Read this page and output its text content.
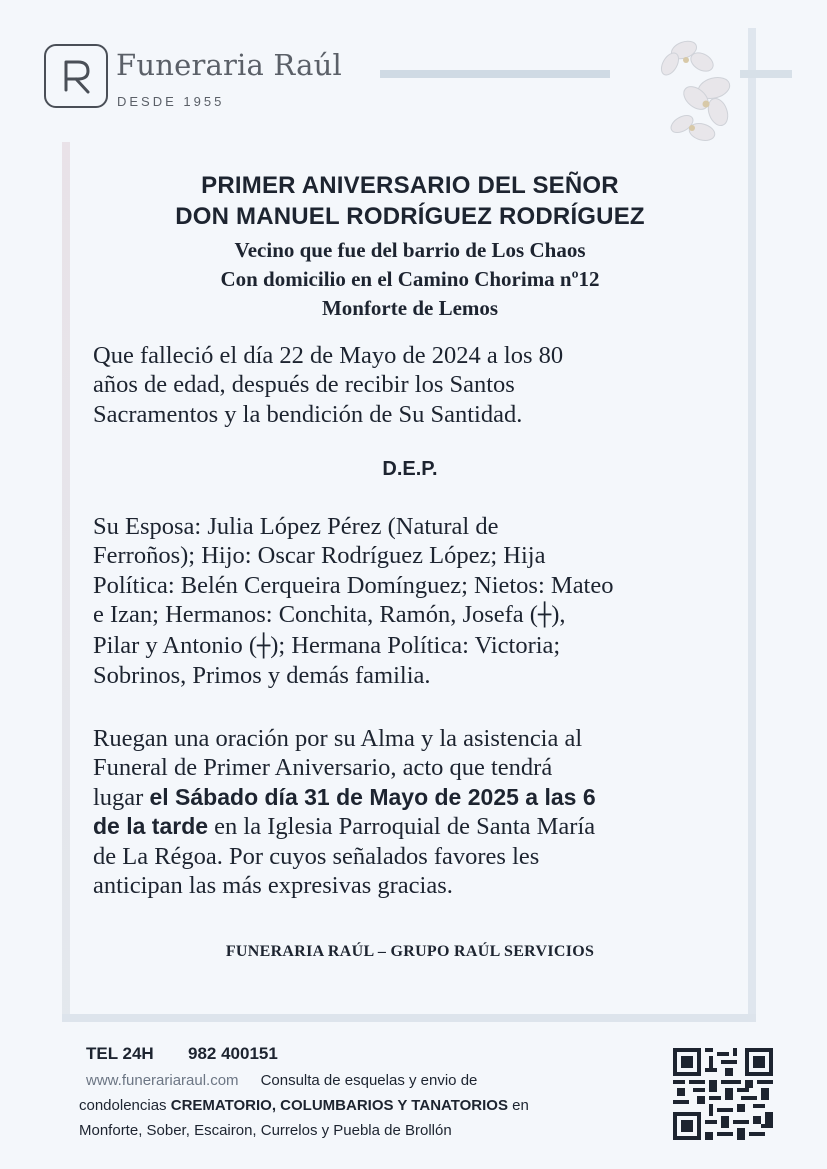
Funeraria Raúl
DESDE 1955
PRIMER ANIVERSARIO DEL SEÑOR
DON MANUEL RODRÍGUEZ RODRÍGUEZ
Vecino que fue del barrio de Los Chaos
Con domicilio en el Camino Chorima nº12
Monforte de Lemos
Que falleció el día 22 de Mayo de 2024 a los 80
años de edad, después de recibir los Santos
Sacramentos y la bendición de Su Santidad.
D.E.P.
Su Esposa: Julia López Pérez (Natural de
Ferroños); Hijo: Oscar Rodríguez López; Hija
Política: Belén Cerqueira Domínguez; Nietos: Mateo
e Izan; Hermanos: Conchita, Ramón, Josefa (┼),
Pilar y Antonio (┼); Hermana Política: Victoria;
Sobrinos, Primos y demás familia.
Ruegan una oración por su Alma y la asistencia al
Funeral de Primer Aniversario, acto que tendrá
lugar el Sábado día 31 de Mayo de 2025 a las 6
de la tarde en la Iglesia Parroquial de Santa María
de La Régoa. Por cuyos señalados favores les
anticipan las más expresivas gracias.
FUNERARIA RAÚL – GRUPO RAÚL SERVICIOS
TEL 24H 982 400151
www.funerariaraul.com Consulta de esquelas y envio de
condolencias CREMATORIO, COLUMBARIOS Y TANATORIOS en
Monforte, Sober, Escairon, Currelos y Puebla de Brollón
